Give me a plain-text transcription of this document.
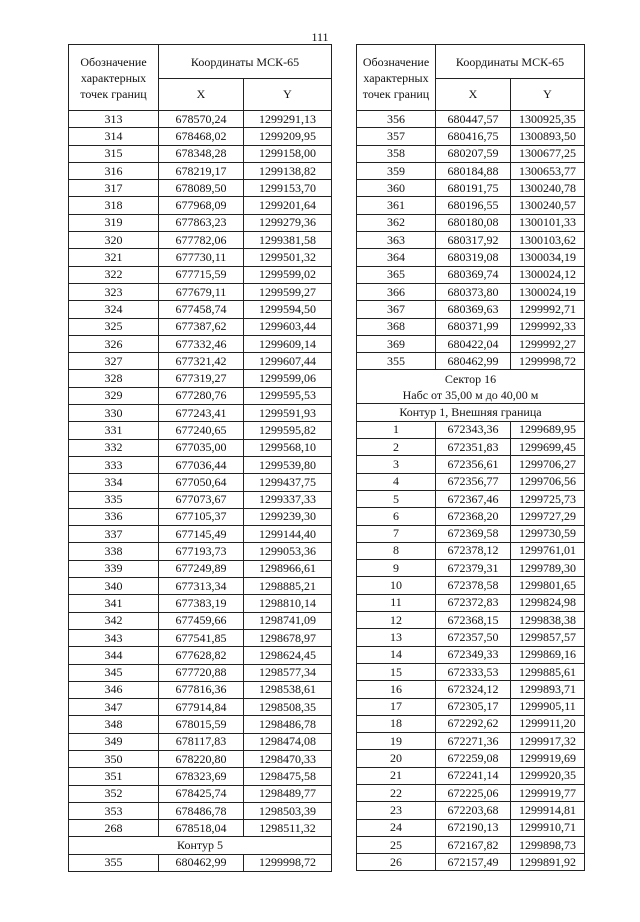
111
Обозначение характерных точек границ	Координаты МСК-65	
	X	Y
313	678570,24	1299291,13
314	678468,02	1299209,95
315	678348,28	1299158,00
316	678219,17	1299138,82
317	678089,50	1299153,70
318	677968,09	1299201,64
319	677863,23	1299279,36
320	677782,06	1299381,58
321	677730,11	1299501,32
322	677715,59	1299599,02
323	677679,11	1299599,27
324	677458,74	1299594,50
325	677387,62	1299603,44
326	677332,46	1299609,14
327	677321,42	1299607,44
328	677319,27	1299599,06
329	677280,76	1299595,53
330	677243,41	1299591,93
331	677240,65	1299595,82
332	677035,00	1299568,10
333	677036,44	1299539,80
334	677050,64	1299437,75
335	677073,67	1299337,33
336	677105,37	1299239,30
337	677145,49	1299144,40
338	677193,73	1299053,36
339	677249,89	1298966,61
340	677313,34	1298885,21
341	677383,19	1298810,14
342	677459,66	1298741,09
343	677541,85	1298678,97
344	677628,82	1298624,45
345	677720,88	1298577,34
346	677816,36	1298538,61
347	677914,84	1298508,35
348	678015,59	1298486,78
349	678117,83	1298474,08
350	678220,80	1298470,33
351	678323,69	1298475,58
352	678425,74	1298489,77
353	678486,78	1298503,39
268	678518,04	1298511,32
Контур 5		
355	680462,99	1299998,72
Обозначение характерных точек границ	Координаты МСК-65	
	X	Y
356	680447,57	1300925,35
357	680416,75	1300893,50
358	680207,59	1300677,25
359	680184,88	1300653,77
360	680191,75	1300240,78
361	680196,55	1300240,57
362	680180,08	1300101,33
363	680317,92	1300103,62
364	680319,08	1300034,19
365	680369,74	1300024,12
366	680373,80	1300024,19
367	680369,63	1299992,71
368	680371,99	1299992,33
369	680422,04	1299992,27
355	680462,99	1299998,72
Сектор 16
Набс от 35,00 м до 40,00 м		
Контур 1, Внешняя граница		
1	672343,36	1299689,95
2	672351,83	1299699,45
3	672356,61	1299706,27
4	672356,77	1299706,56
5	672367,46	1299725,73
6	672368,20	1299727,29
7	672369,58	1299730,59
8	672378,12	1299761,01
9	672379,31	1299789,30
10	672378,58	1299801,65
11	672372,83	1299824,98
12	672368,15	1299838,38
13	672357,50	1299857,57
14	672349,33	1299869,16
15	672333,53	1299885,61
16	672324,12	1299893,71
17	672305,17	1299905,11
18	672292,62	1299911,20
19	672271,36	1299917,32
20	672259,08	1299919,69
21	672241,14	1299920,35
22	672225,06	1299919,77
23	672203,68	1299914,81
24	672190,13	1299910,71
25	672167,82	1299898,73
26	672157,49	1299891,92
